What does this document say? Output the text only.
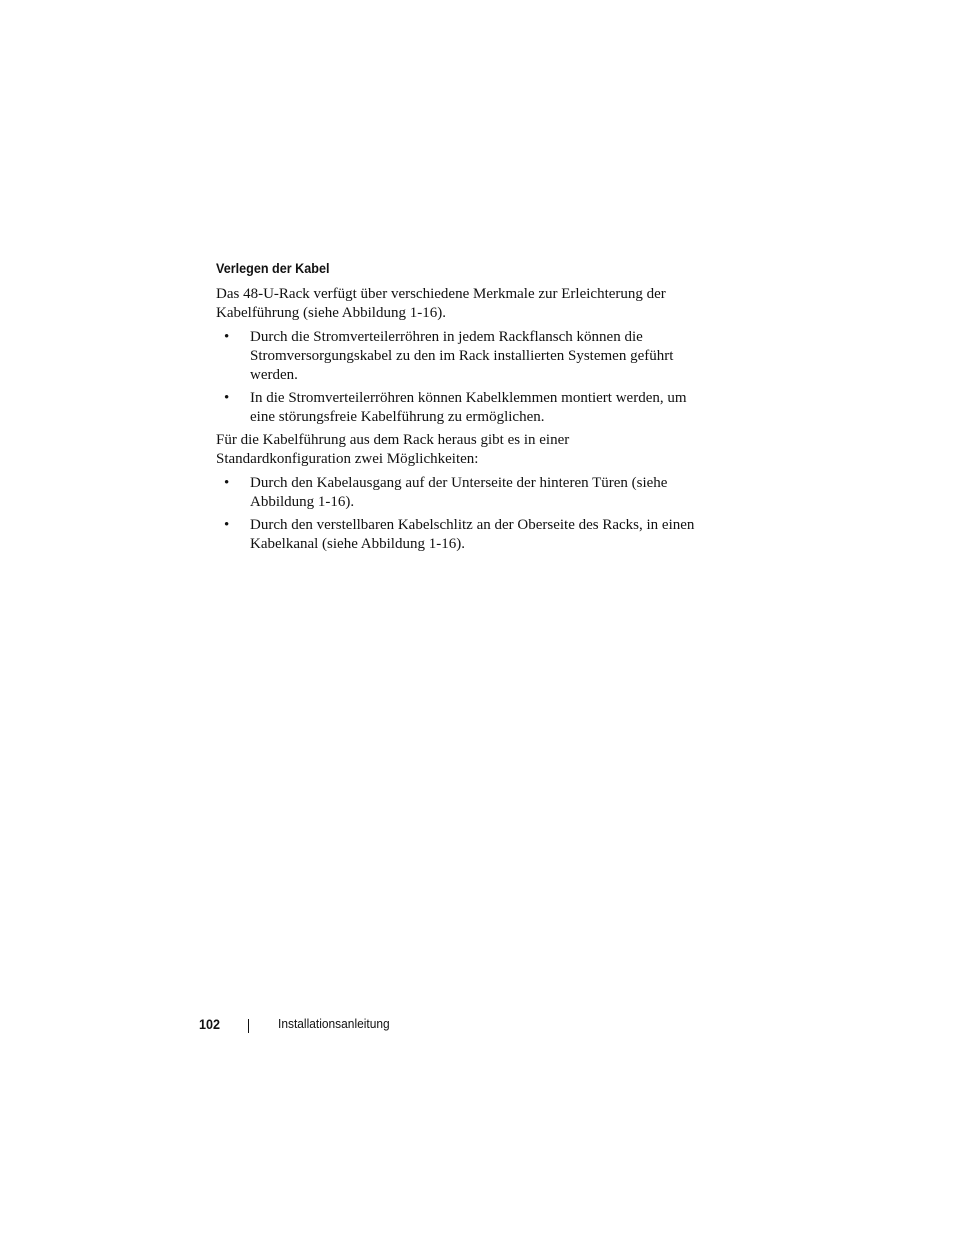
Verlegen der Kabel

Das 48-U-Rack verfügt über verschiedene Merkmale zur Erleichterung der Kabelführung (siehe Abbildung 1-16).

• Durch die Stromverteilerröhren in jedem Rackflansch können die Stromversorgungskabel zu den im Rack installierten Systemen geführt werden.
• In die Stromverteilerröhren können Kabelklemmen montiert werden, um eine störungsfreie Kabelführung zu ermöglichen.

Für die Kabelführung aus dem Rack heraus gibt es in einer Standardkonfiguration zwei Möglichkeiten:

• Durch den Kabelausgang auf der Unterseite der hinteren Türen (siehe Abbildung 1-16).
• Durch den verstellbaren Kabelschlitz an der Oberseite des Racks, in einen Kabelkanal (siehe Abbildung 1-16).
102	Installationsanleitung
